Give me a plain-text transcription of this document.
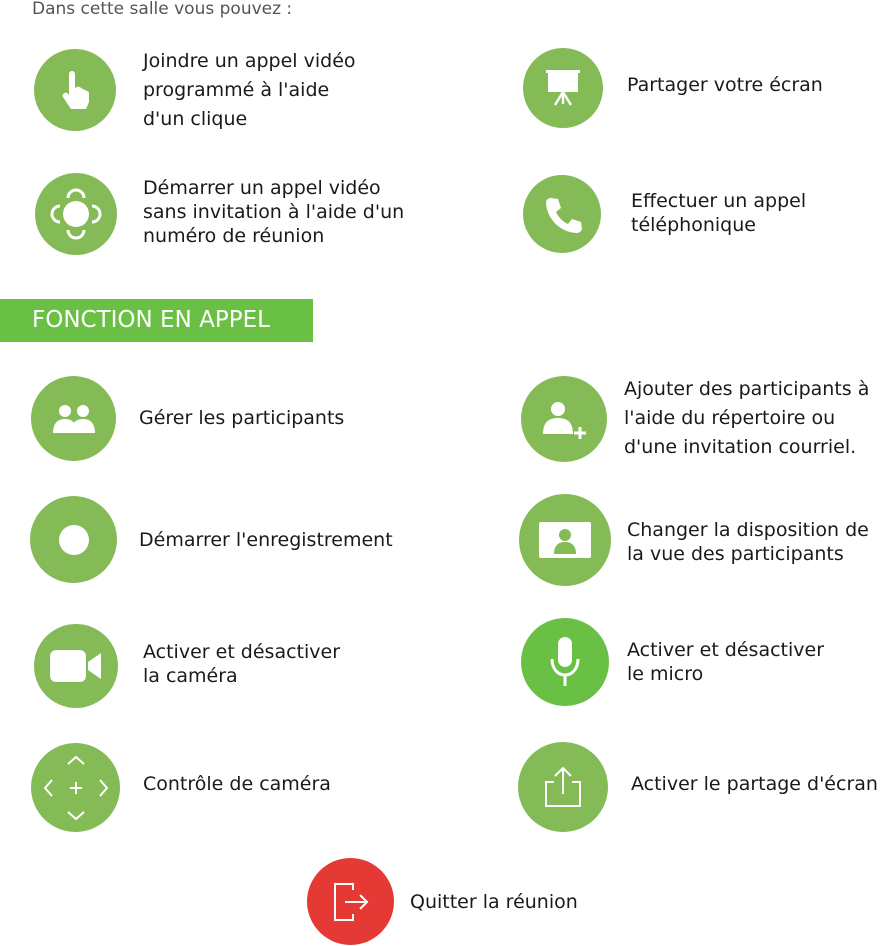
Dans cette salle vous pouvez :
Joindre un appel vidéo
programmé à l'aide
d'un clique
Partager votre écran
Démarrer un appel vidéo
sans invitation à l'aide d'un
numéro de réunion
Effectuer un appel
téléphonique
FONCTION EN APPEL
Gérer les participants
Ajouter des participants à
l'aide du répertoire ou
d'une invitation courriel.
Démarrer l'enregistrement	Changer la disposition de
la vue des participants
Activer et désactiver
la caméra
Activer et désactiver
le micro
Contrôle de caméra	Activer le partage d'écran
Quitter la réunion
